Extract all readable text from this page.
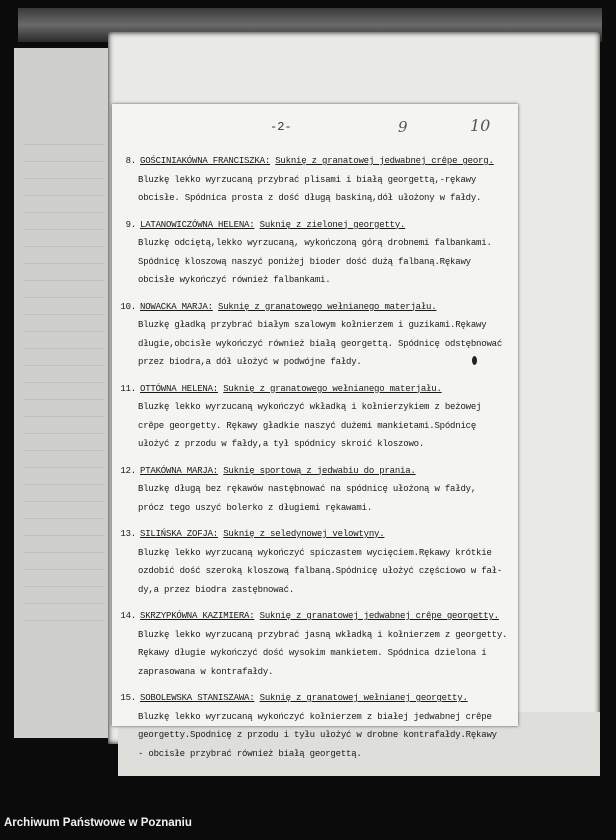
-2-	9	10
8. GOŚCINIAKÓWNA FRANCISZKA: Suknię z granatowej jedwabnej crêpe georg.
Bluzkę lekko wyrzucaną przybrać plisami i białą georgettą,-rękawy
obcisłe. Spódnica prosta z dość długą baskiną,dół ułożony w fałdy.
9. LATANOWICZÓWNA HELENA: Suknię z zielonej georgetty.
Bluzkę odciętą,lekko wyrzucaną, wykończoną górą drobnemi falbankami.
Spódnicę kloszową naszyć poniżej bioder dość dużą falbaną.Rękawy
obcisłe wykończyć również falbankami.
10. NOWACKA MARJA: Suknię z granatowego wełnianego materjału.
Bluzkę gładką przybrać białym szalowym kołnierzem i guzikami.Rękawy
długie,obcisłe wykończyć również białą georgettą. Spódnicę odstębnować
przez biodra,a dół ułożyć w podwójne fałdy.
11. OTTÓWNA HELENA: Suknię z granatowego wełnianego materjału.
Bluzkę lekko wyrzucaną wykończyć wkładką i kołnierzykiem z beżowej
crêpe georgetty. Rękawy gładkie naszyć dużemi mankietami.Spódnicę
ułożyć z przodu w fałdy,a tył spódnicy skroić kloszowo.
12. PTAKÓWNA MARJA: Suknię sportową z jedwabiu do prania.
Bluzkę długą bez rękawów nastębnować na spódnicę ułożoną w fałdy,
prócz tego uszyć bolerko z długiemi rękawami.
13. SILIŃSKA ZOFJA: Suknię z seledynowej velowtyny.
Bluzkę lekko wyrzucaną wykończyć spiczastem wycięciem.Rękawy krótkie
ozdobić dość szeroką kloszową falbaną.Spódnicę ułożyć częściowo w fał-
dy,a przez biodra zastębnować.
14. SKRZYPKÓWNA KAZIMIERA: Suknię z granatowej jedwabnej crêpe georgetty.
Bluzkę lekko wyrzucaną przybrać jasną wkładką i kołnierzem z georgetty.
Rękawy długie wykończyć dość wysokim mankietem. Spódnica dzielona i
zaprasowana w kontrafałdy.
15. SOBOLEWSKA STANISZAWA: Suknię z granatowej wełnianej georgetty.
Bluzkę lekko wyrzucaną wykończyć kołnierzem z białej jedwabnej crêpe
georgetty.Spodnicę z przodu i tyłu ułożyć w drobne kontrafałdy.Rękawy
- obcisłe przybrać również białą georgettą.
Archiwum Państwowe w Poznaniu
